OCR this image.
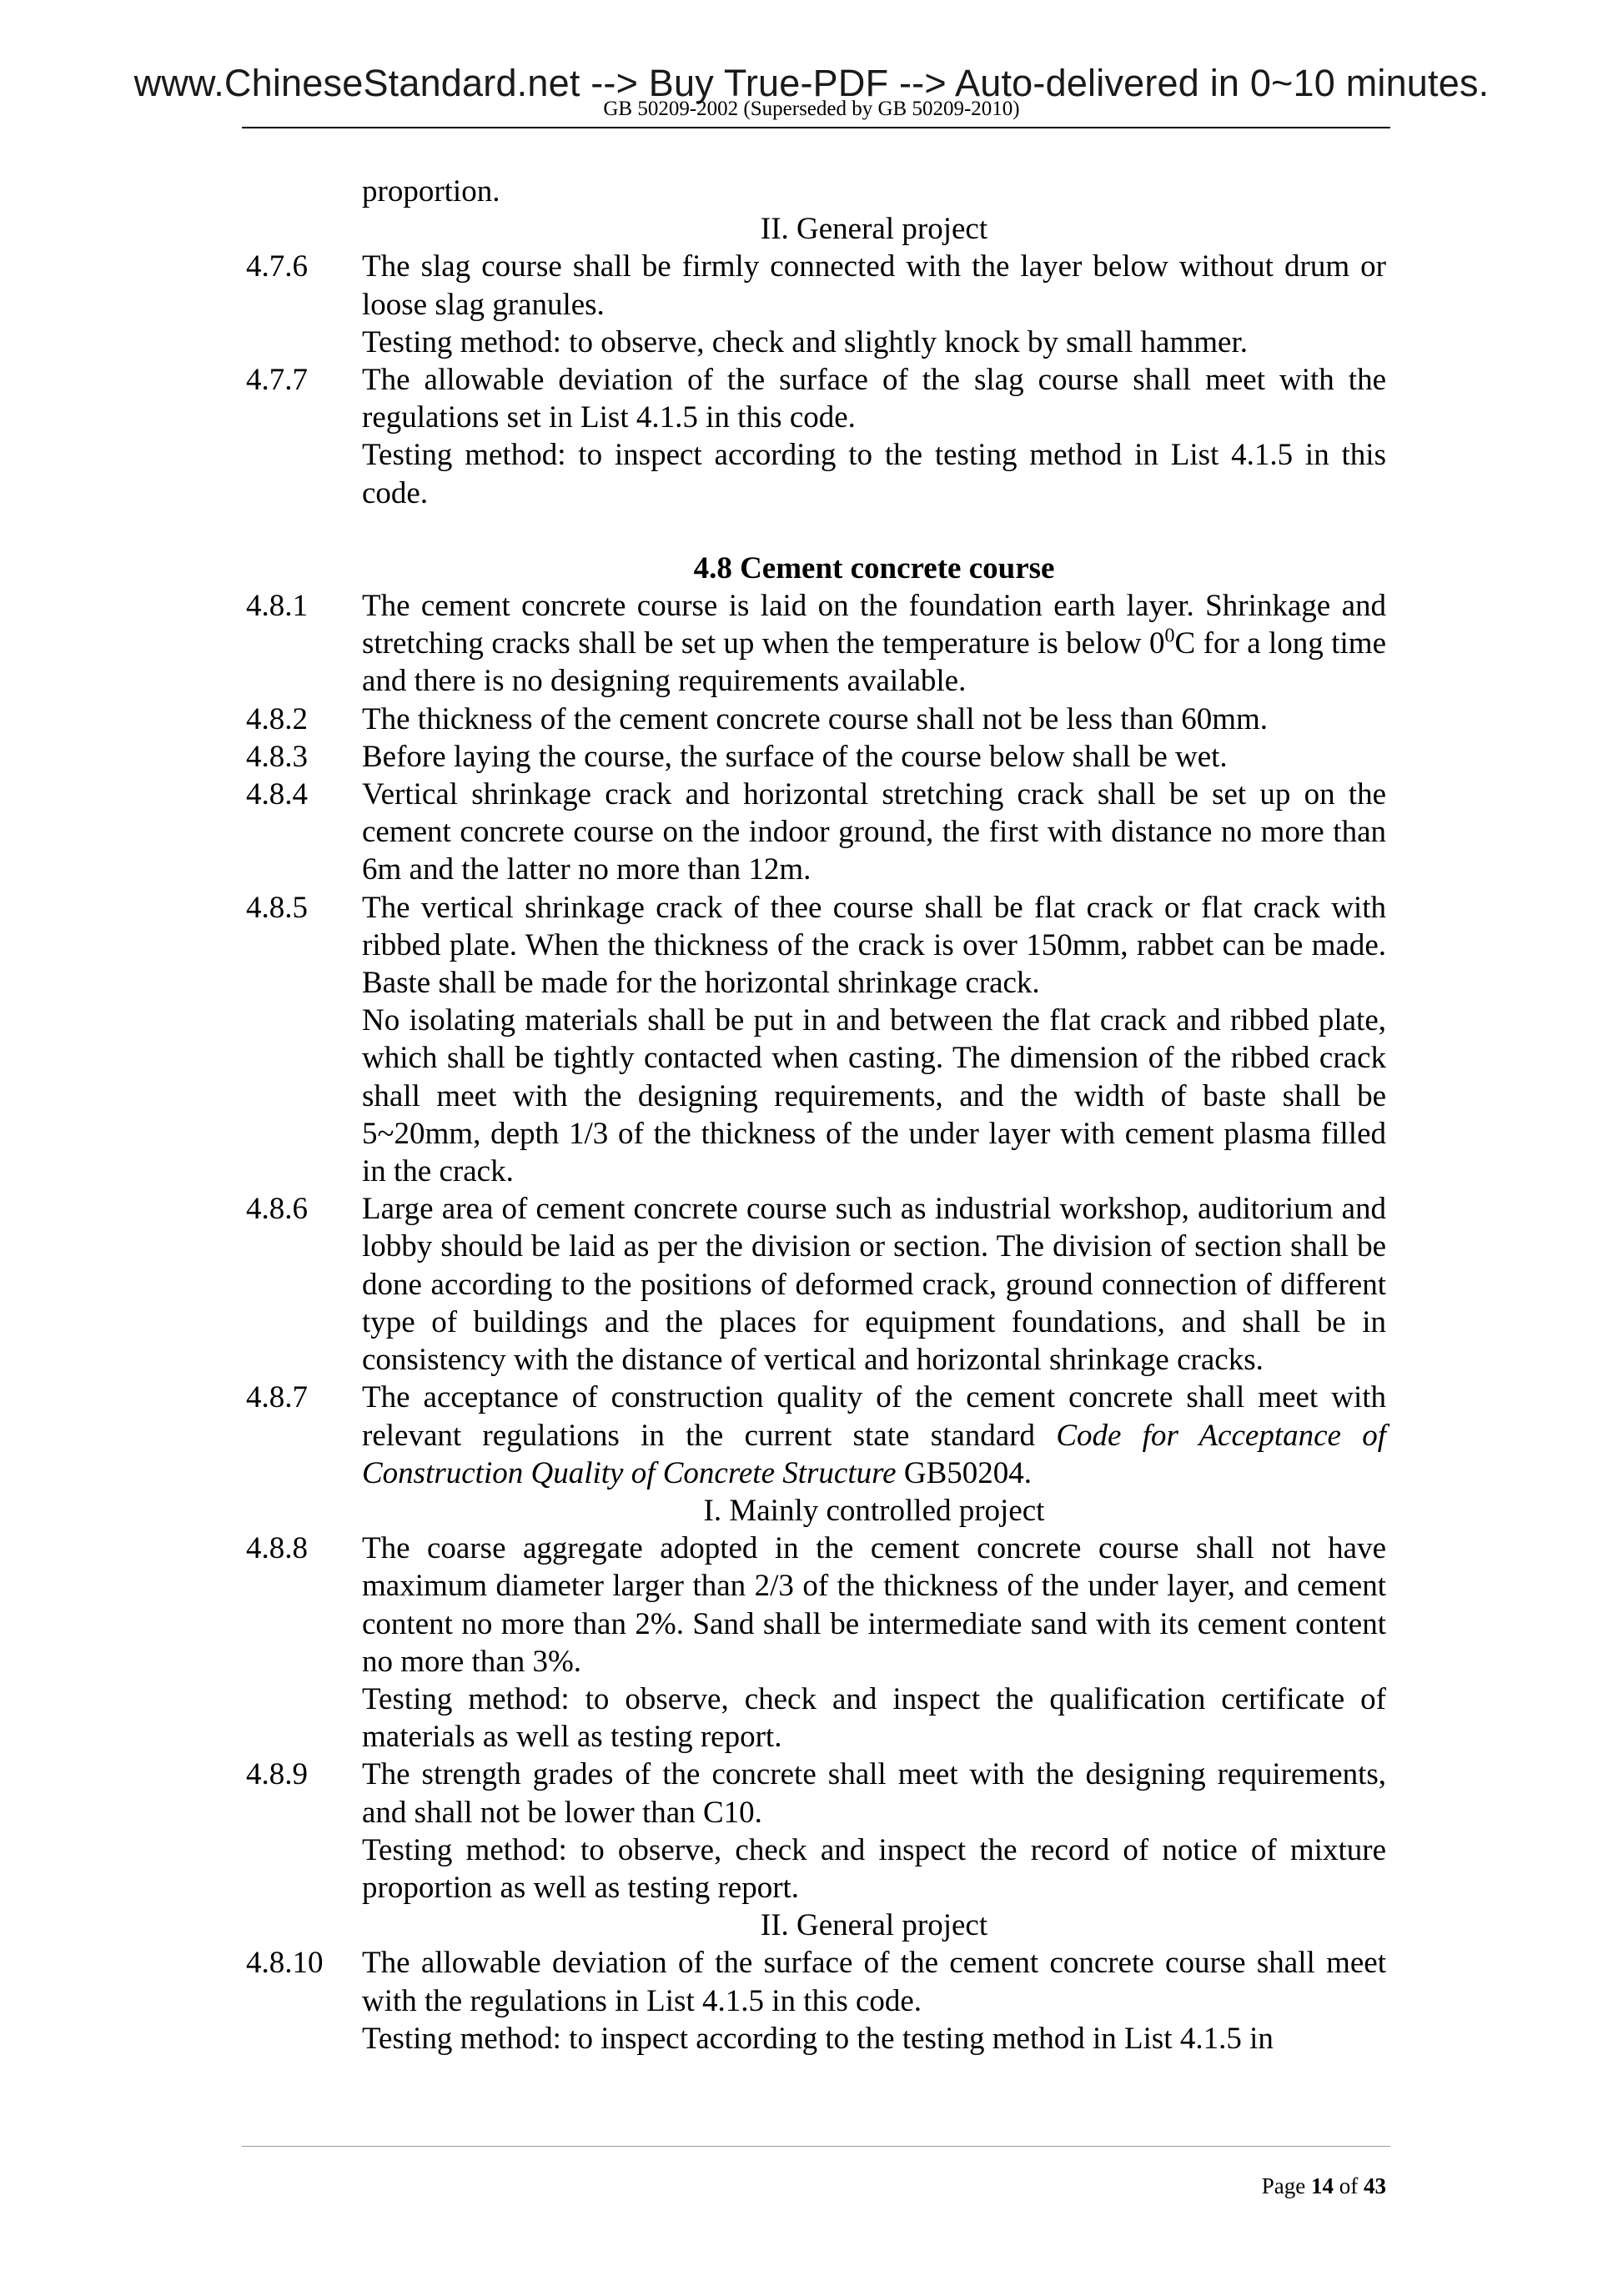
www.ChineseStandard.net --> Buy True-PDF --> Auto-delivered in 0~10 minutes.
GB 50209-2002 (Superseded by GB 50209-2010)
proportion.
II. General project
4.7.6 The slag course shall be firmly connected with the layer below without drum or loose slag granules.
Testing method: to observe, check and slightly knock by small hammer.
4.7.7 The allowable deviation of the surface of the slag course shall meet with the regulations set in List 4.1.5 in this code.
Testing method: to inspect according to the testing method in List 4.1.5 in this code.
4.8 Cement concrete course
4.8.1 The cement concrete course is laid on the foundation earth layer. Shrinkage and stretching cracks shall be set up when the temperature is below $0^0C$ for a long time and there is no designing requirements available.
4.8.2 The thickness of the cement concrete course shall not be less than 60mm.
4.8.3 Before laying the course, the surface of the course below shall be wet.
4.8.4 Vertical shrinkage crack and horizontal stretching crack shall be set up on the cement concrete course on the indoor ground, the first with distance no more than 6m and the latter no more than 12m.
4.8.5 The vertical shrinkage crack of thee course shall be flat crack or flat crack with ribbed plate. When the thickness of the crack is over 150mm, rabbet can be made. Baste shall be made for the horizontal shrinkage crack.
No isolating materials shall be put in and between the flat crack and ribbed plate, which shall be tightly contacted when casting. The dimension of the ribbed crack shall meet with the designing requirements, and the width of baste shall be 5~20mm, depth 1/3 of the thickness of the under layer with cement plasma filled in the crack.
4.8.6 Large area of cement concrete course such as industrial workshop, auditorium and lobby should be laid as per the division or section. The division of section shall be done according to the positions of deformed crack, ground connection of different type of buildings and the places for equipment foundations, and shall be in consistency with the distance of vertical and horizontal shrinkage cracks.
4.8.7 The acceptance of construction quality of the cement concrete shall meet with relevant regulations in the current state standard Code for Acceptance of Construction Quality of Concrete Structure GB50204.
I. Mainly controlled project
4.8.8 The coarse aggregate adopted in the cement concrete course shall not have maximum diameter larger than 2/3 of the thickness of the under layer, and cement content no more than 2%. Sand shall be intermediate sand with its cement content no more than 3%.
Testing method: to observe, check and inspect the qualification certificate of materials as well as testing report.
4.8.9 The strength grades of the concrete shall meet with the designing requirements, and shall not be lower than C10.
Testing method: to observe, check and inspect the record of notice of mixture proportion as well as testing report.
II. General project
4.8.10 The allowable deviation of the surface of the cement concrete course shall meet with the regulations in List 4.1.5 in this code.
Testing method: to inspect according to the testing method in List 4.1.5 in
Page 14 of 43
